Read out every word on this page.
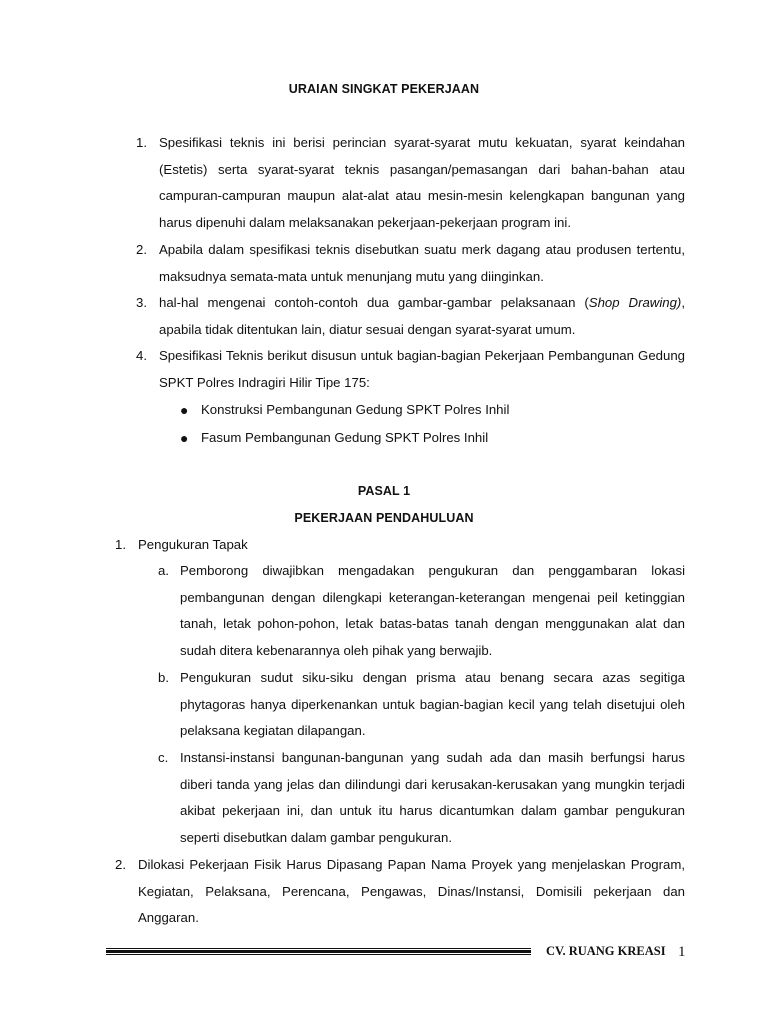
URAIAN SINGKAT PEKERJAAN
1. Spesifikasi teknis ini berisi perincian syarat-syarat mutu kekuatan, syarat keindahan (Estetis) serta syarat-syarat teknis pasangan/pemasangan dari bahan-bahan atau campuran-campuran maupun alat-alat atau mesin-mesin kelengkapan bangunan yang harus dipenuhi dalam melaksanakan pekerjaan-pekerjaan program ini.
2. Apabila dalam spesifikasi teknis disebutkan suatu merk dagang atau produsen tertentu, maksudnya semata-mata untuk menunjang mutu yang diinginkan.
3. hal-hal mengenai contoh-contoh dua gambar-gambar pelaksanaan (Shop Drawing), apabila tidak ditentukan lain, diatur sesuai dengan syarat-syarat umum.
4. Spesifikasi Teknis berikut disusun untuk bagian-bagian Pekerjaan Pembangunan Gedung SPKT Polres Indragiri Hilir Tipe 175:
● Konstruksi Pembangunan Gedung SPKT Polres Inhil
● Fasum Pembangunan Gedung SPKT Polres Inhil
PASAL 1
PEKERJAAN PENDAHULUAN
1. Pengukuran Tapak
a. Pemborong diwajibkan mengadakan pengukuran dan penggambaran lokasi pembangunan dengan dilengkapi keterangan-keterangan mengenai peil ketinggian tanah, letak pohon-pohon, letak batas-batas tanah dengan menggunakan alat dan sudah ditera kebenarannya oleh pihak yang berwajib.
b. Pengukuran sudut siku-siku dengan prisma atau benang secara azas segitiga phytagoras hanya diperkenankan untuk bagian-bagian kecil yang telah disetujui oleh pelaksana kegiatan dilapangan.
c. Instansi-instansi bangunan-bangunan yang sudah ada dan masih berfungsi harus diberi tanda yang jelas dan dilindungi dari kerusakan-kerusakan yang mungkin terjadi akibat pekerjaan ini, dan untuk itu harus dicantumkan dalam gambar pengukuran seperti disebutkan dalam gambar pengukuran.
2. Dilokasi Pekerjaan Fisik Harus Dipasang Papan Nama Proyek yang menjelaskan Program, Kegiatan, Pelaksana, Perencana, Pengawas, Dinas/Instansi, Domisili pekerjaan dan Anggaran.
CV. RUANG KREASI 1
